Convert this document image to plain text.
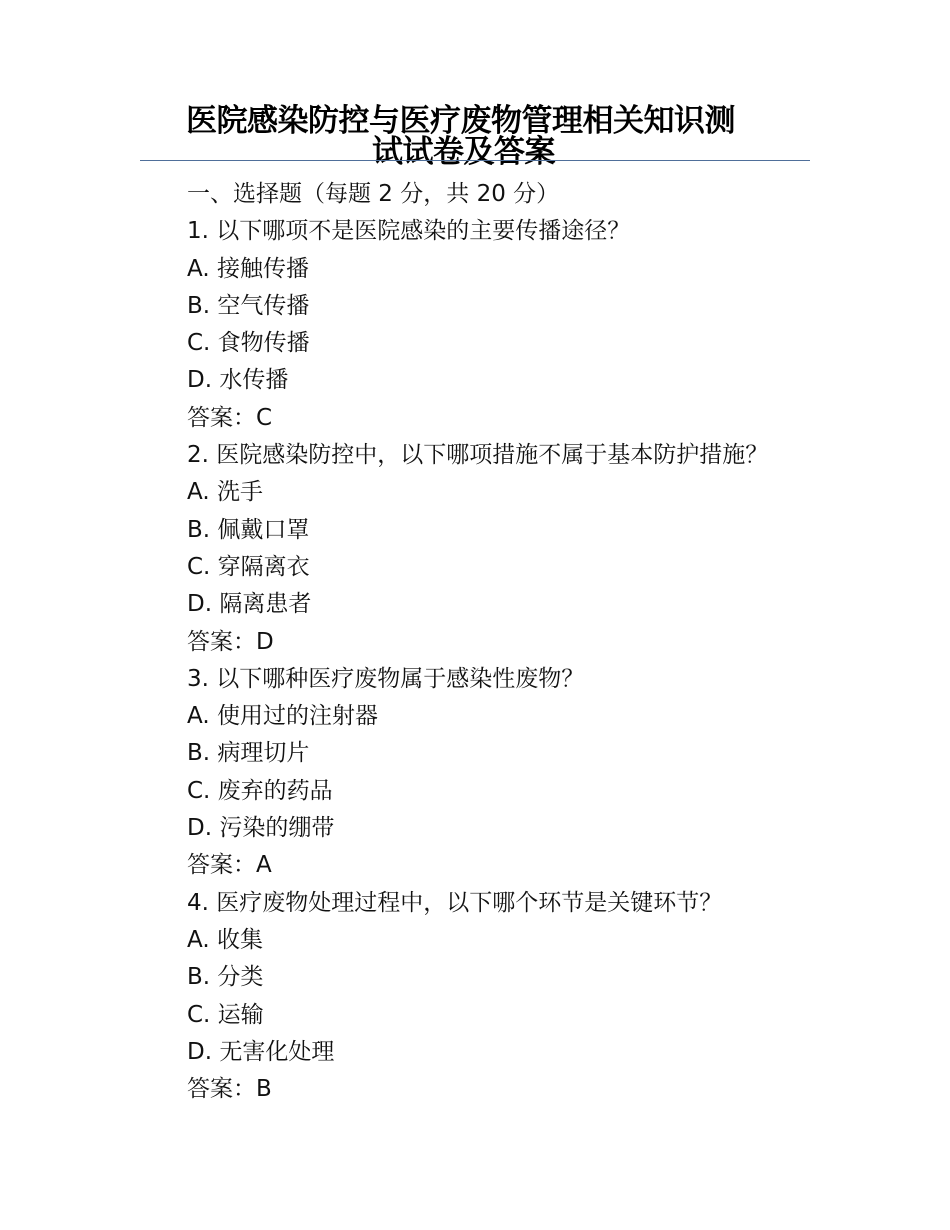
医院感染防控与医疗废物管理相关知识测
试试卷及答案
一、选择题（每题 2 分，共 20 分）
1. 以下哪项不是医院感染的主要传播途径？
A. 接触传播
B. 空气传播
C. 食物传播
D. 水传播
答案：C
2. 医院感染防控中，以下哪项措施不属于基本防护措施？
A. 洗手
B. 佩戴口罩
C. 穿隔离衣
D. 隔离患者
答案：D
3. 以下哪种医疗废物属于感染性废物？
A. 使用过的注射器
B. 病理切片
C. 废弃的药品
D. 污染的绷带
答案：A
4. 医疗废物处理过程中，以下哪个环节是关键环节？
A. 收集
B. 分类
C. 运输
D. 无害化处理
答案：B
